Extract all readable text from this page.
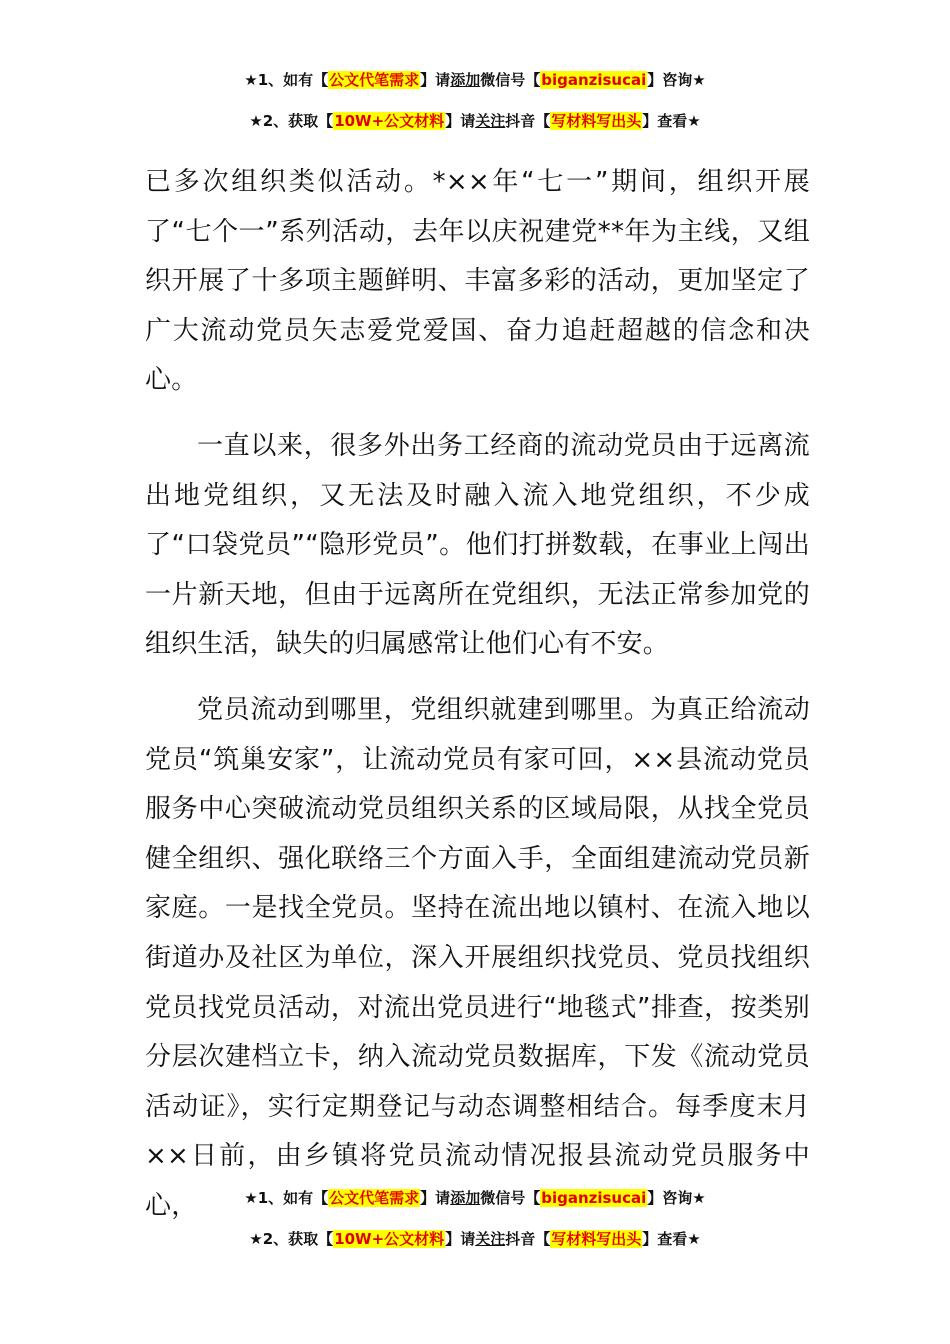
★1、如有【公文代笔需求】请添加微信号【biganzisucai】咨询★
★2、获取【10W+公文材料】请关注抖音【写材料写出头】查看★

已多次组织类似活动。*××年“七一”期间，组织开展了“七个一”系列活动，去年以庆祝建党**年为主线，又组织开展了十多项主题鲜明、丰富多彩的活动，更加坚定了广大流动党员矢志爱党爱国、奋力追赶超越的信念和决心。

一直以来，很多外出务工经商的流动党员由于远离流出地党组织，又无法及时融入流入地党组织，不少成了“口袋党员”“隐形党员”。他们打拼数载，在事业上闯出一片新天地，但由于远离所在党组织，无法正常参加党的组织生活，缺失的归属感常让他们心有不安。

党员流动到哪里，党组织就建到哪里。为真正给流动党员“筑巢安家”，让流动党员有家可回，××县流动党员服务中心突破流动党员组织关系的区域局限，从找全党员健全组织、强化联络三个方面入手，全面组建流动党员新家庭。一是找全党员。坚持在流出地以镇村、在流入地以街道办及社区为单位，深入开展组织找党员、党员找组织党员找党员活动，对流出党员进行“地毯式”排查，按类别分层次建档立卡，纳入流动党员数据库，下发《流动党员活动证》，实行定期登记与动态调整相结合。每季度末月××日前，由乡镇将党员流动情况报县流动党员服务中心，	★1、如有【公文代笔需求】请添加微信号【biganzisucai】咨询★
★2、获取【10W+公文材料】请关注抖音【写材料写出头】查看★
